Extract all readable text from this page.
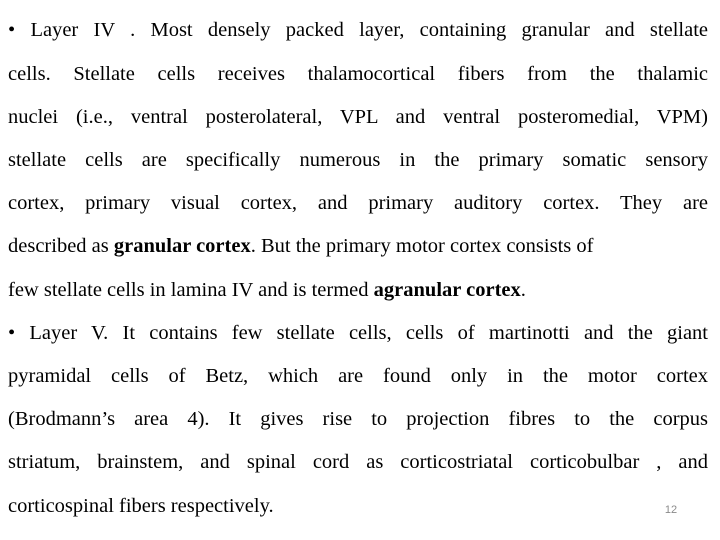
• Layer IV . Most densely packed layer, containing granular and stellate
cells. Stellate cells receives thalamocortical fibers from the thalamic
nuclei (i.e., ventral posterolateral, VPL and ventral posteromedial, VPM)
stellate cells are specifically numerous in the primary somatic sensory
cortex, primary visual cortex, and primary auditory cortex. They are
described as granular cortex. But the primary motor cortex consists of
few stellate cells in lamina IV and is termed agranular cortex.
• Layer V. It contains few stellate cells, cells of martinotti and the giant
pyramidal cells of Betz, which are found only in the motor cortex
(Brodmann’s area 4). It gives rise to projection fibres to the corpus
striatum, brainstem, and spinal cord as corticostriatal corticobulbar , and
corticospinal fibers respectively.	12
